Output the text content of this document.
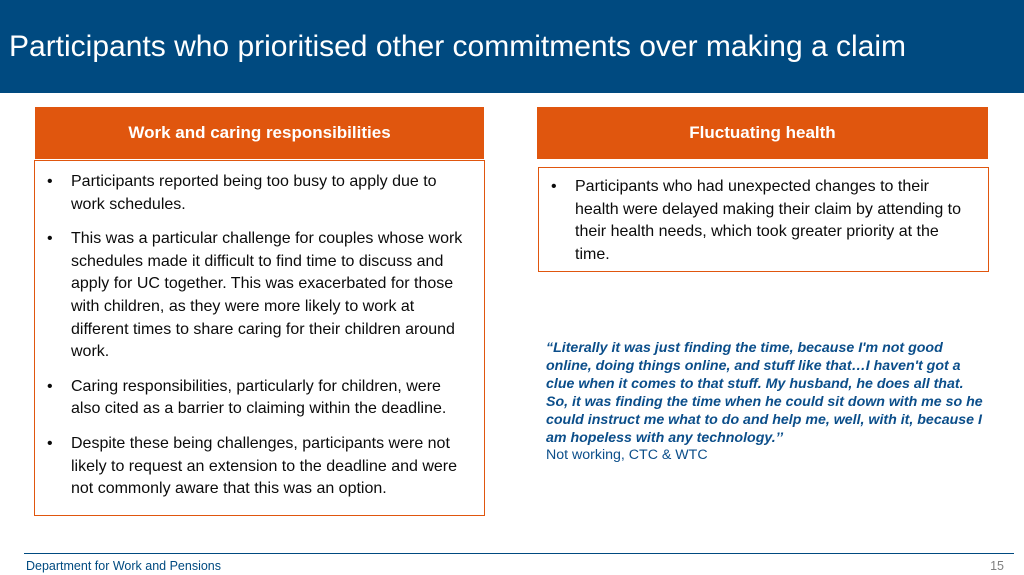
Participants who prioritised other commitments over making a claim
Work and caring responsibilities
• Participants reported being too busy to apply due to work schedules.
• This was a particular challenge for couples whose work schedules made it difficult to find time to discuss and apply for UC together. This was exacerbated for those with children, as they were more likely to work at different times to share caring for their children around work.
• Caring responsibilities, particularly for children, were also cited as a barrier to claiming within the deadline.
• Despite these being challenges, participants were not likely to request an extension to the deadline and were not commonly aware that this was an option.
Fluctuating health
• Participants who had unexpected changes to their health were delayed making their claim by attending to their health needs, which took greater priority at the time.
“Literally it was just finding the time, because I'm not good online, doing things online, and stuff like that…I haven't got a clue when it comes to that stuff. My husband, he does all that. So, it was finding the time when he could sit down with me so he could instruct me what to do and help me, well, with it, because I am hopeless with any technology.’’
Not working, CTC & WTC
Department for Work and Pensions	15
